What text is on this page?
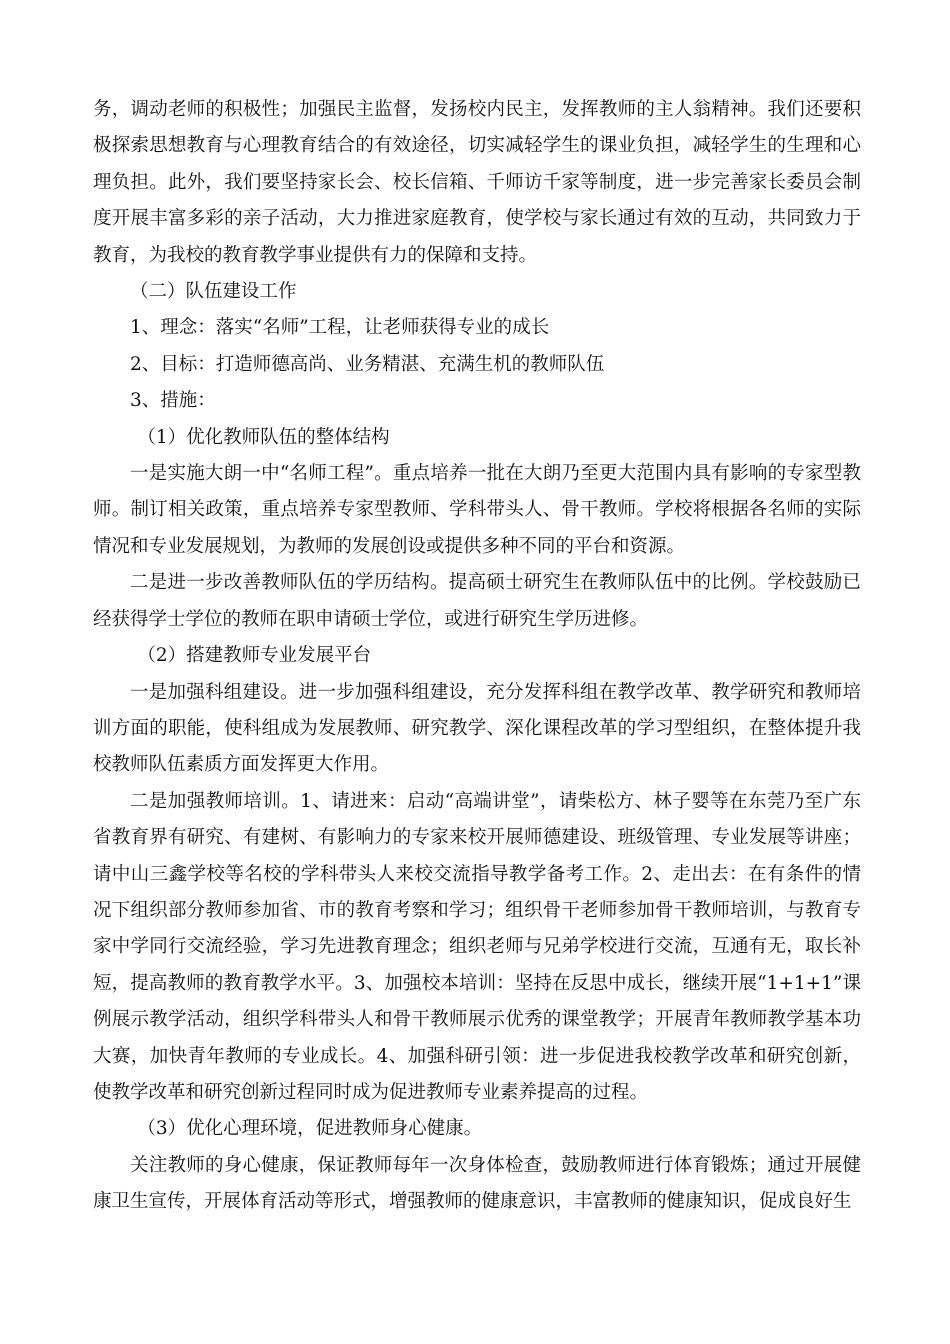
务，调动老师的积极性；加强民主监督，发扬校内民主，发挥教师的主人翁精神。我们还要积极探索思想教育与心理教育结合的有效途径，切实减轻学生的课业负担，减轻学生的生理和心理负担。此外，我们要坚持家长会、校长信箱、千师访千家等制度，进一步完善家长委员会制度开展丰富多彩的亲子活动，大力推进家庭教育，使学校与家长通过有效的互动，共同致力于教育，为我校的教育教学事业提供有力的保障和支持。

（二）队伍建设工作

1、理念：落实“名师”工程，让老师获得专业的成长

2、目标：打造师德高尚、业务精湛、充满生机的教师队伍

3、措施：

（1）优化教师队伍的整体结构

一是实施大朗一中“名师工程”。重点培养一批在大朗乃至更大范围内具有影响的专家型教师。制订相关政策，重点培养专家型教师、学科带头人、骨干教师。学校将根据各名师的实际情况和专业发展规划，为教师的发展创设或提供多种不同的平台和资源。

二是进一步改善教师队伍的学历结构。提高硕士研究生在教师队伍中的比例。学校鼓励已经获得学士学位的教师在职申请硕士学位，或进行研究生学历进修。

（2）搭建教师专业发展平台

一是加强科组建设。进一步加强科组建设，充分发挥科组在教学改革、教学研究和教师培训方面的职能，使科组成为发展教师、研究教学、深化课程改革的学习型组织，在整体提升我校教师队伍素质方面发挥更大作用。

二是加强教师培训。1、请进来：启动“高端讲堂”，请柴松方、林子婴等在东莞乃至广东省教育界有研究、有建树、有影响力的专家来校开展师德建设、班级管理、专业发展等讲座；请中山三鑫学校等名校的学科带头人来校交流指导教学备考工作。2、走出去：在有条件的情况下组织部分教师参加省、市的教育考察和学习；组织骨干老师参加骨干教师培训，与教育专家中学同行交流经验，学习先进教育理念；组织老师与兄弟学校进行交流，互通有无，取长补短，提高教师的教育教学水平。3、加强校本培训：坚持在反思中成长，继续开展“1+1+1”课例展示教学活动，组织学科带头人和骨干教师展示优秀的课堂教学；开展青年教师教学基本功大赛，加快青年教师的专业成长。4、加强科研引领：进一步促进我校教学改革和研究创新，使教学改革和研究创新过程同时成为促进教师专业素养提高的过程。

（3）优化心理环境，促进教师身心健康。

关注教师的身心健康，保证教师每年一次身体检查，鼓励教师进行体育锻炼；通过开展健康卫生宣传，开展体育活动等形式，增强教师的健康意识，丰富教师的健康知识，促成良好生
